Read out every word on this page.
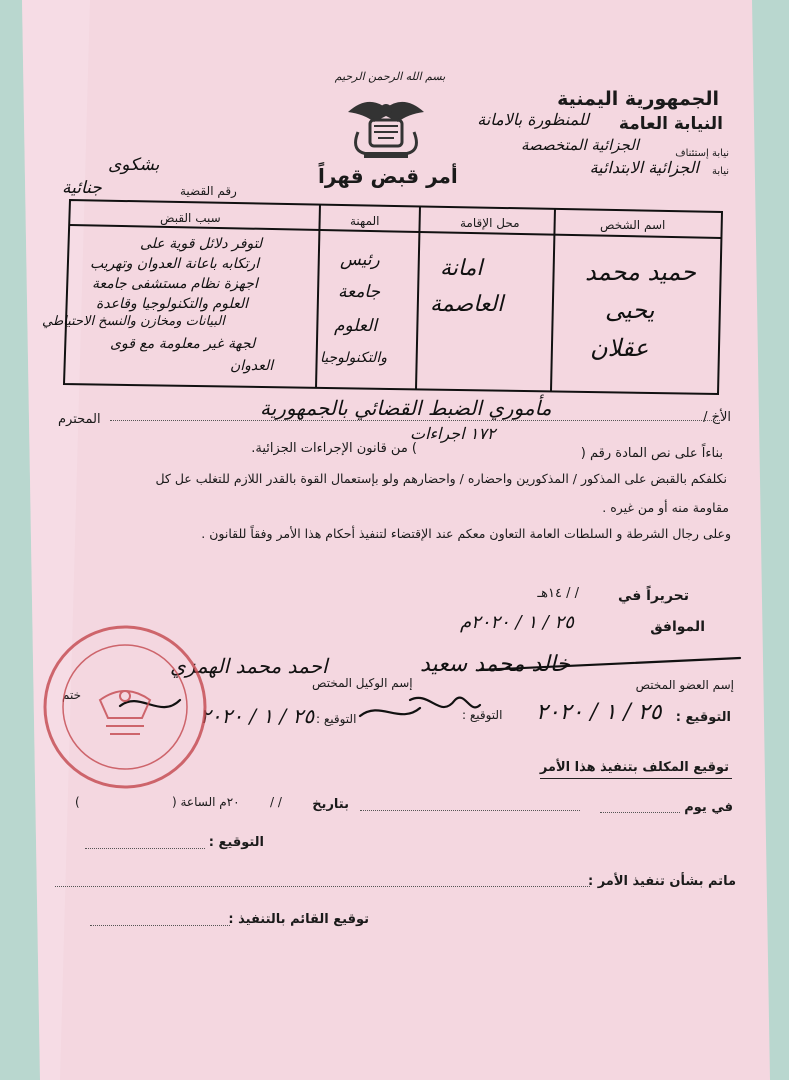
بسم الله الرحمن الرحيم
الجمهورية اليمنية
النيابة العامة
للمنظورة بالامانة
نيابة إستئناف
الجزائية المتخصصة
نيابة
الجزائية الابتدائية
أمر قبض قهراً
بشكوى
رقم القضية
جنائية
اسم الشخص
محل الإقامة
المهنة
سبب القبض
حميد محمد
يحيى
عقلان
امانة
العاصمة
رئيس
جامعة
العلوم
والتكنولوجيا
لتوفر دلائل قوية على
ارتكابه باعانة العدوان وتهريب
اجهزة نظام مستشفى جامعة
العلوم والتكنولوجيا وقاعدة
البيانات ومخازن والنسخ الاحتياطي
لجهة غير معلومة مع قوى
العدوان
الأخ /
مأموري الضبط القضائي بالجمهورية
المحترم
) من قانون الإجراءات الجزائية.
١٧٢ اجراءات
بناءاً على نص المادة رقم (
نكلفكم بالقبض على المذكور / المذكورين واحضاره / واحضارهم ولو بإستعمال القوة بالقدر اللازم للتغلب عل كل
مقاومة منه أو من غيره .
وعلى رجال الشرطة و السلطات العامة التعاون معكم عند الإقتضاء لتنفيذ أحكام هذا الأمر وفقاً للقانون .
تحريراً في
/ / ١٤هـ
الموافق
٢٥ / ١ / ٢٠٢٠م
إسم العضو المختص
خالد محمد سعيد
إسم الوكيل المختص
احمد محمد الهمزي
ختم
التوقيع :
٢٥ / ١ / ٢٠٢٠
التوقيع :
التوقيع :
٢٥ / ١ / ٢٠٢٠
توقيع المكلف بتنفيذ هذا الأمر
في يوم
بتاريخ
/ /
٢٠م الساعة (
)
التوقيع :
ماتم بشأن تنفيذ الأمر :
توقيع القائم بالتنفيذ :
